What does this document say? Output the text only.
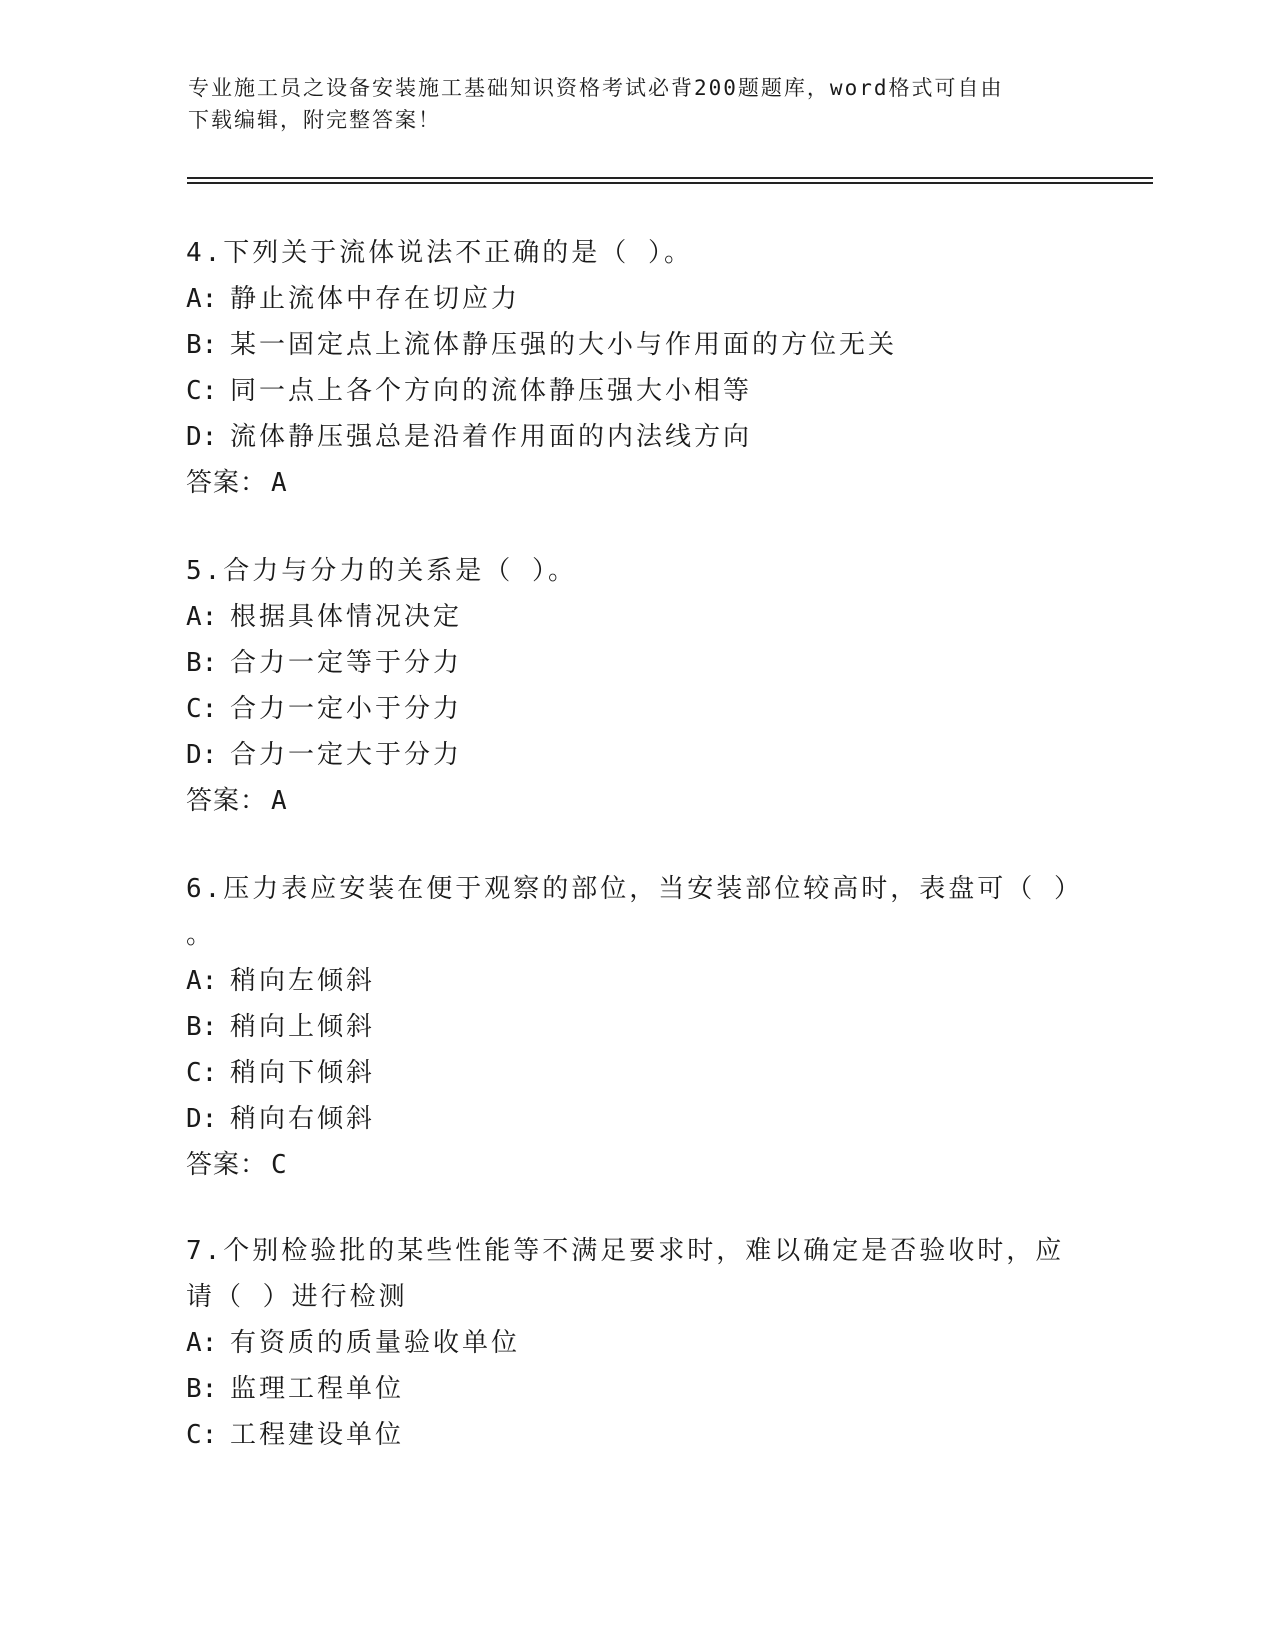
专业施工员之设备安装施工基础知识资格考试必背200题题库，word格式可自由
下载编辑，附完整答案！
4.下列关于流体说法不正确的是（ ）。
A: 静止流体中存在切应力
B: 某一固定点上流体静压强的大小与作用面的方位无关
C: 同一点上各个方向的流体静压强大小相等
D: 流体静压强总是沿着作用面的内法线方向
答案： A
5.合力与分力的关系是（ ）。
A: 根据具体情况决定
B: 合力一定等于分力
C: 合力一定小于分力
D: 合力一定大于分力
答案： A
6.压力表应安装在便于观察的部位，当安装部位较高时，表盘可（ ）
。
A: 稍向左倾斜
B: 稍向上倾斜
C: 稍向下倾斜
D: 稍向右倾斜
答案： C
7.个别检验批的某些性能等不满足要求时，难以确定是否验收时，应
请（ ）进行检测
A: 有资质的质量验收单位
B: 监理工程单位
C: 工程建设单位
